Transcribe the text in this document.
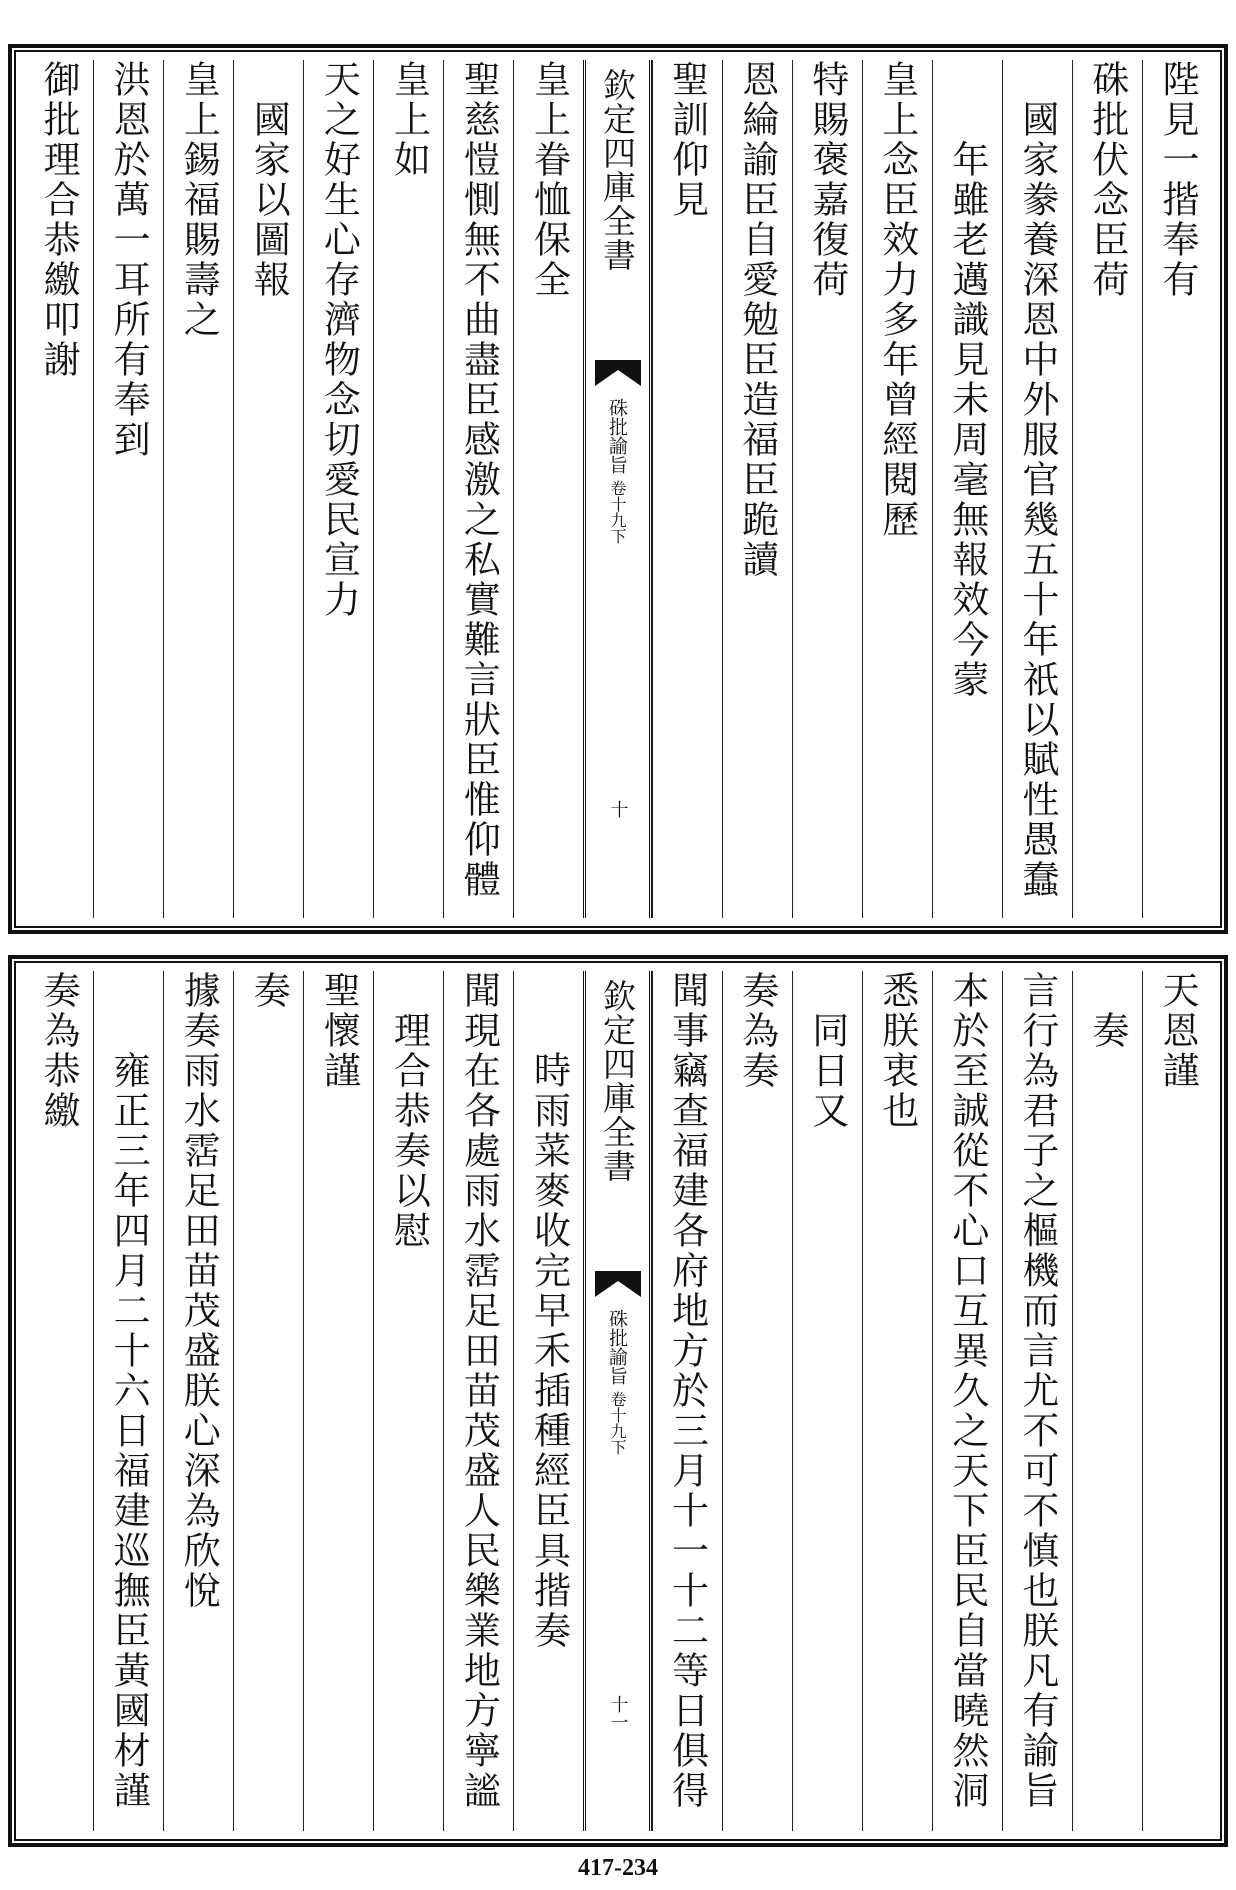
陛見一揩奉有
硃批伏念臣荷
國家豢養深恩中外服官幾五十年祇以賦性愚蠢
年雖老邁識見未周毫無報效今蒙
皇上念臣效力多年曾經閱歷
特賜褒嘉復荷
恩綸諭臣自愛勉臣造福臣跪讀
聖訓仰見
欽定四庫全書
硃批諭旨
卷十九下
十
皇上眷恤保全
聖慈愷惻無不曲盡臣感激之私實難言狀臣惟仰體
皇上如
天之好生心存濟物念切愛民宣力
國家以圖報
皇上錫福賜壽之
洪恩於萬一耳所有奉到
御批理合恭繳叩謝
天恩謹
奏
言行為君子之樞機而言尤不可不慎也朕凡有諭旨
本於至誠從不心口互異久之天下臣民自當曉然洞
悉朕衷也
同日又
奏為奏
聞事竊查福建各府地方於三月十一十二等日俱得
欽定四庫全書
硃批諭旨
卷十九下
十一
時雨菜麥收完早禾插種經臣具揩奏
聞現在各處雨水霑足田苗茂盛人民樂業地方寧謐
理合恭奏以慰
聖懷謹
奏
據奏雨水霑足田苗茂盛朕心深為欣悅
雍正三年四月二十六日福建巡撫臣黃國材謹
奏為恭繳
417-234
